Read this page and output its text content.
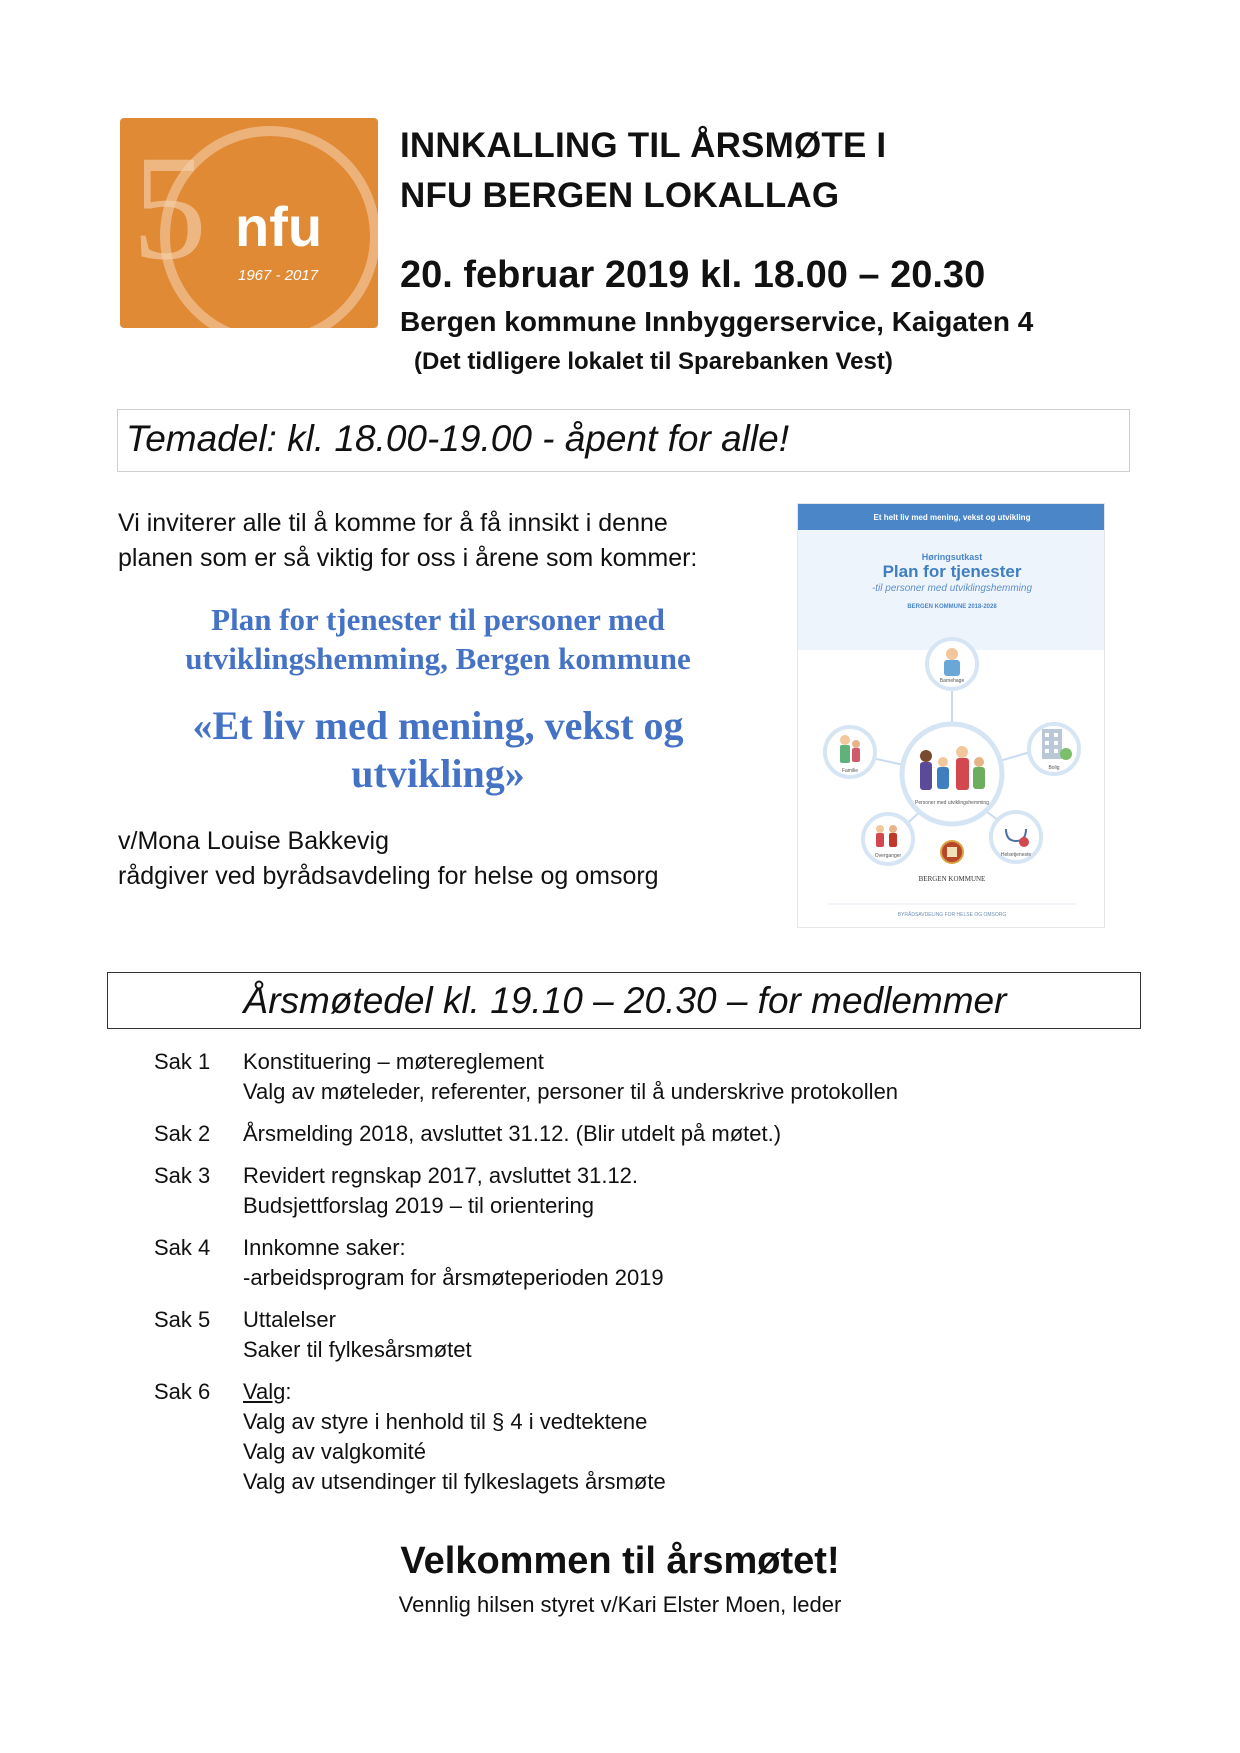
5 nfu
1967 - 2017
INNKALLING TIL ÅRSMØTE I
NFU BERGEN LOKALLAG
20. februar 2019 kl. 18.00 – 20.30
Bergen kommune Innbyggerservice, Kaigaten 4
(Det tidligere lokalet til Sparebanken Vest)
Temadel: kl. 18.00-19.00 - åpent for alle!
Vi inviterer alle til å komme for å få innsikt i denne
planen som er så viktig for oss i årene som kommer:
Plan for tjenester til personer med
utviklingshemming, Bergen kommune
«Et liv med mening, vekst og
utvikling»
v/Mona Louise Bakkevig
rådgiver ved byrådsavdeling for helse og omsorg
Et helt liv med mening, vekst og utvikling
Høringsutkast
Plan for tjenester
-til personer med utviklingshemming
BERGEN KOMMUNE 2018-2028
Barnehage
Familie	Bolig
Personer med utviklingshemming
Overganger	Helsetjeneste
BERGEN KOMMUNE
BYRÅDSAVDELING FOR HELSE OG OMSORG
Årsmøtedel kl. 19.10 – 20.30 – for medlemmer
Sak 1	Konstituering – møtereglement
Valg av møteleder, referenter, personer til å underskrive protokollen
Sak 2	Årsmelding 2018, avsluttet 31.12. (Blir utdelt på møtet.)
Sak 3	Revidert regnskap 2017, avsluttet 31.12.
Budsjettforslag 2019 – til orientering
Sak 4	Innkomne saker:
-arbeidsprogram for årsmøteperioden 2019
Sak 5	Uttalelser
Saker til fylkesårsmøtet
Sak 6	Valg:
Valg av styre i henhold til § 4 i vedtektene
Valg av valgkomité
Valg av utsendinger til fylkeslagets årsmøte
Velkommen til årsmøtet!
Vennlig hilsen styret v/Kari Elster Moen, leder
